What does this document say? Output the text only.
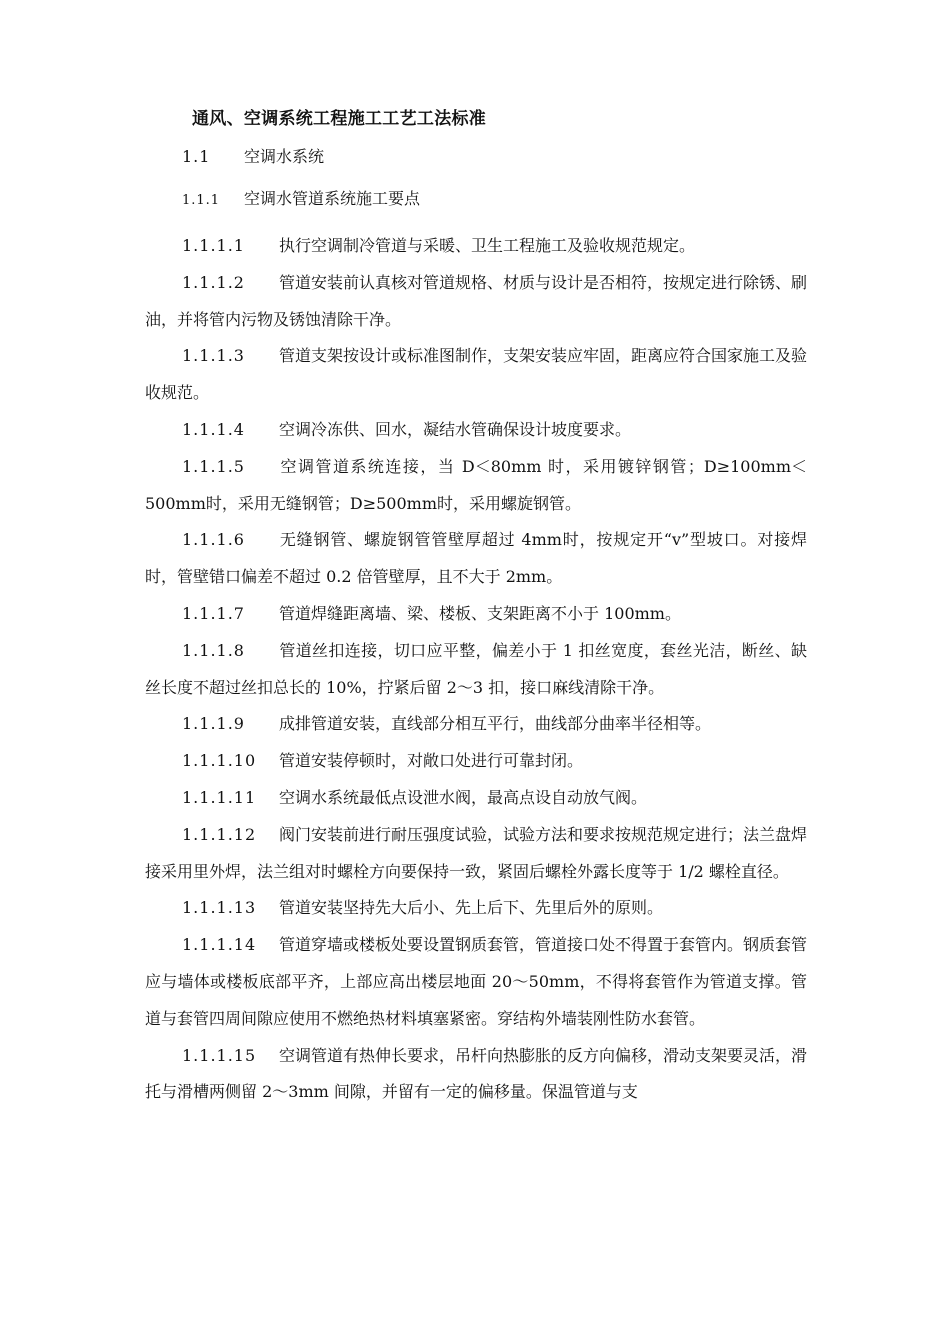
通风、空调系统工程施工工艺工法标准
1.1 空调水系统
1.1.1 空调水管道系统施工要点

1.1.1.1 执行空调制冷管道与采暖、卫生工程施工及验收规范规定。

1.1.1.2 管道安装前认真核对管道规格、材质与设计是否相符，按规定进行除锈、刷油，并将管内污物及锈蚀清除干净。

1.1.1.3 管道支架按设计或标准图制作，支架安装应牢固，距离应符合国家施工及验收规范。

1.1.1.4 空调冷冻供、回水，凝结水管确保设计坡度要求。

1.1.1.5 空调管道系统连接，当 D＜80mm 时，采用镀锌钢管；D≥100mm＜500mm时，采用无缝钢管；D≥500mm时，采用螺旋钢管。

1.1.1.6 无缝钢管、螺旋钢管管壁厚超过 4mm时，按规定开“v”型坡口。对接焊时，管壁错口偏差不超过 0.2 倍管壁厚，且不大于 2mm。

1.1.1.7 管道焊缝距离墙、梁、楼板、支架距离不小于 100mm。

1.1.1.8 管道丝扣连接，切口应平整，偏差小于 1 扣丝宽度，套丝光洁，断丝、缺丝长度不超过丝扣总长的 10%，拧紧后留 2～3 扣，接口麻线清除干净。

1.1.1.9 成排管道安装，直线部分相互平行，曲线部分曲率半径相等。

1.1.1.10 管道安装停顿时，对敞口处进行可靠封闭。

1.1.1.11 空调水系统最低点设泄水阀，最高点设自动放气阀。

1.1.1.12 阀门安装前进行耐压强度试验，试验方法和要求按规范规定进行；法兰盘焊接采用里外焊，法兰组对时螺栓方向要保持一致，紧固后螺栓外露长度等于 1/2 螺栓直径。

1.1.1.13 管道安装坚持先大后小、先上后下、先里后外的原则。

1.1.1.14 管道穿墙或楼板处要设置钢质套管，管道接口处不得置于套管内。钢质套管应与墙体或楼板底部平齐，上部应高出楼层地面 20～50mm，不得将套管作为管道支撑。管道与套管四周间隙应使用不燃绝热材料填塞紧密。穿结构外墙装刚性防水套管。

1.1.1.15 空调管道有热伸长要求，吊杆向热膨胀的反方向偏移，滑动支架要灵活，滑托与滑槽两侧留 2～3mm 间隙，并留有一定的偏移量。保温管道与支
